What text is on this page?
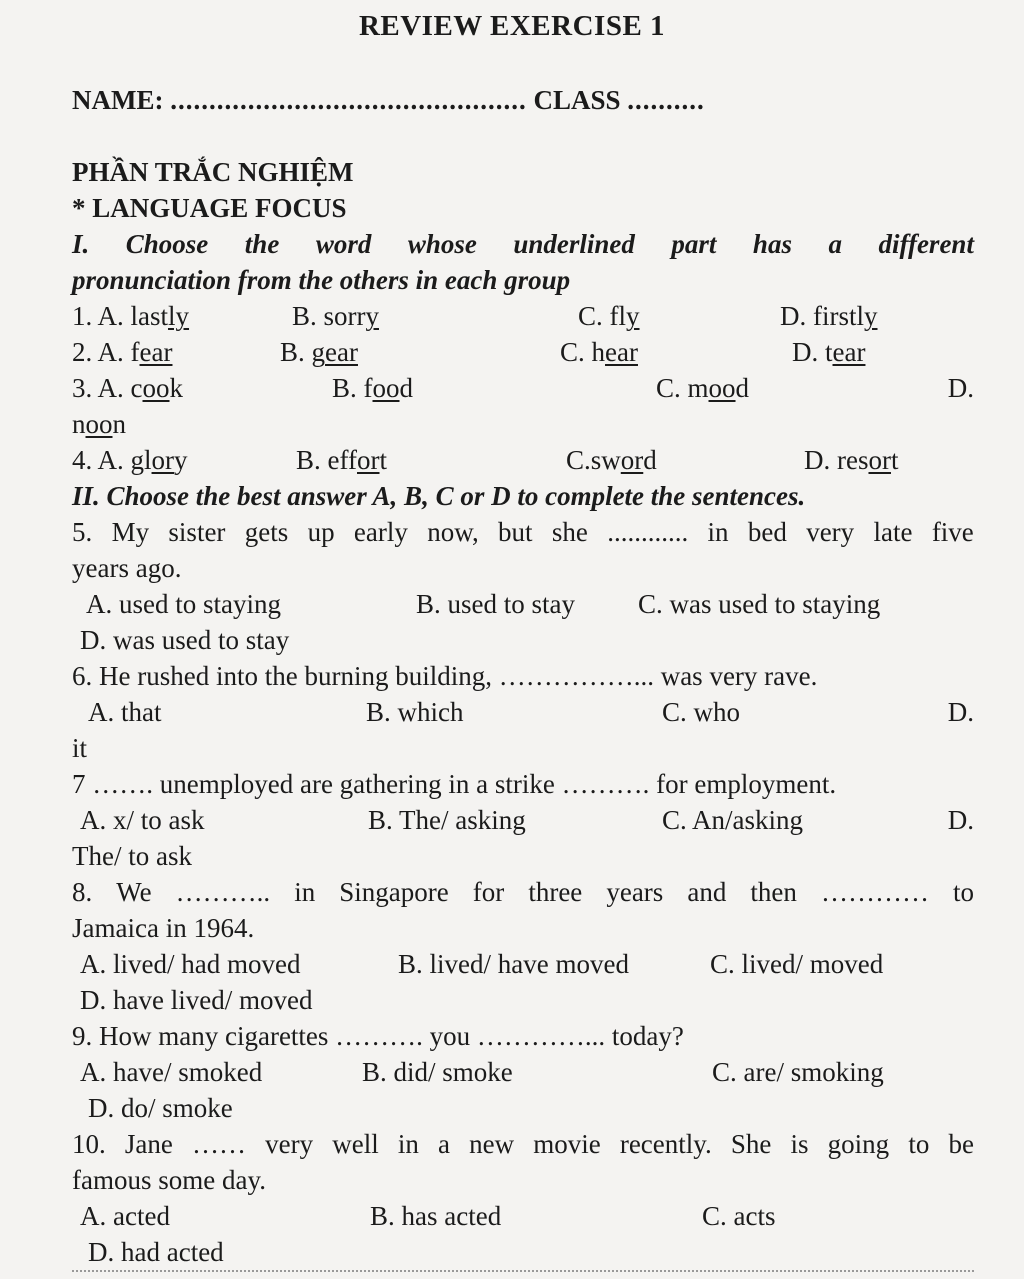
REVIEW EXERCISE 1
NAME: .............................................. CLASS ..........
PHẦN TRẮC NGHIỆM
* LANGUAGE FOCUS
I. Choose the word whose underlined part has a different
pronunciation from the others in each group
1. A. lastly	B. sorry	C. fly	D. firstly
2. A. fear	B. gear	C. hear	D. tear
3. A. cook	B. food	C. mood	D.
noon
4. A. glory	B. effort	C.sword	D. resort
II. Choose the best answer A, B, C or D to complete the sentences.
5. My sister gets up early now, but she ............ in bed very late five
years ago.
A. used to staying	B. used to stay C. was used to staying
D. was used to stay
6. He rushed into the burning building, ……………... was very rave.
A. that	B. which	C. who	D.
it
7 ……. unemployed are gathering in a strike ………. for employment.
A. x/ to ask	B. The/ asking	C. An/asking	D.
The/ to ask
8. We ……….. in Singapore for three years and then ………… to
Jamaica in 1964.
A. lived/ had moved	B. lived/ have moved	C. lived/ moved
D. have lived/ moved
9. How many cigarettes ………. you …………... today?
A. have/ smoked	B. did/ smoke	C. are/ smoking
D. do/ smoke
10. Jane …… very well in a new movie recently. She is going to be
famous some day.
A. acted	B. has acted	C. acts
D. had acted
